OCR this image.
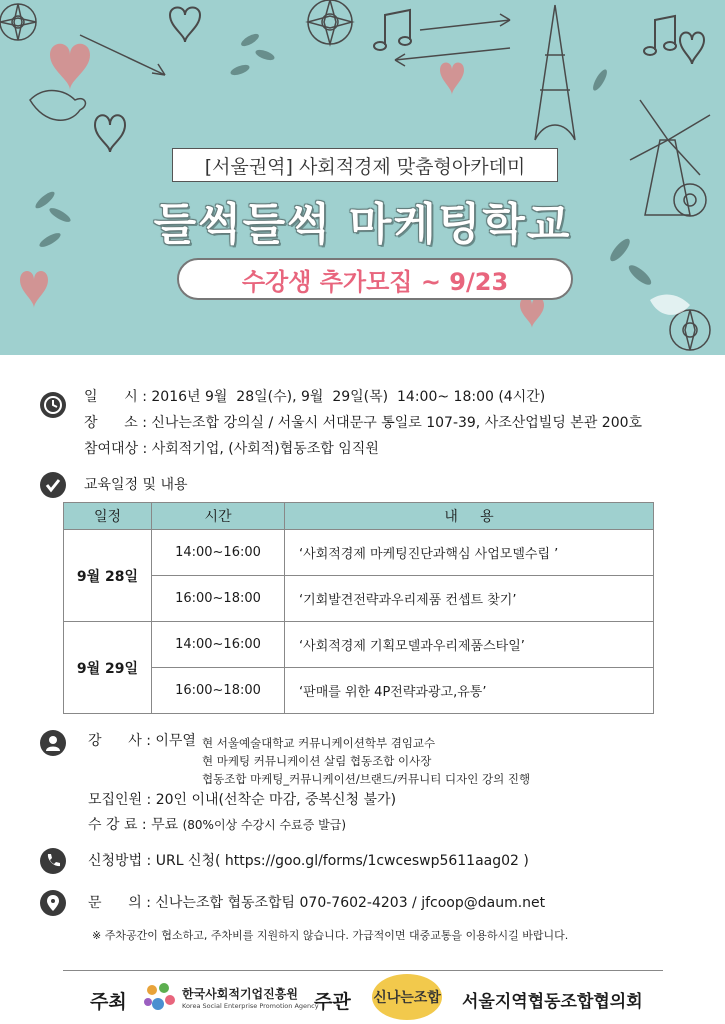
[서울권역] 사회적경제 맞춤형아카데미
들썩들썩 마케팅학교
수강생 추가모집 ~ 9/23
일      시 : 2016년 9월  28일(수), 9월  29일(목)  14:00~ 18:00 (4시간)
장      소 : 신나는조합 강의실 / 서울시 서대문구 통일로 107-39, 사조산업빌딩 본관 200호
참여대상 : 사회적기업, (사회적)협동조합 임직원
교육일정 및 내용
일정	시간	내     용
9월 28일	14:00~16:00	‘사회적경제 마케팅진단과핵심 사업모델수립 ’
	16:00~18:00	‘기회발견전략과우리제품 컨셉트 찾기’
9월 29일	14:00~16:00	‘사회적경제 기획모델과우리제품스타일’
	16:00~18:00	‘판매를 위한 4P전략과광고,유통’
강      사 : 이무열 현 서울예술대학교 커뮤니케이션학부 겸임교수
현 마케팅 커뮤니케이션 살림 협동조합 이사장
협동조합 마케팅_커뮤니케이션/브랜드/커뮤니티 디자인 강의 진행
모집인원 : 20인 이내(선착순 마감, 중복신청 불가)
수 강 료 : 무료 (80%이상 수강시 수료증 발급)
신청방법 : URL 신청( https://goo.gl/forms/1cwceswp5611aag02 )
문      의 : 신나는조합 협동조합팀 070-7602-4203 / jfcoop@daum.net
※ 주차공간이 협소하고, 주차비를 지원하지 않습니다. 가급적이면 대중교통을 이용하시길 바랍니다.
주최	한국사회적기업진흥원
Korea Social Enterprise Promotion Agency
주관 신나는조합 서울지역협동조합협의회
